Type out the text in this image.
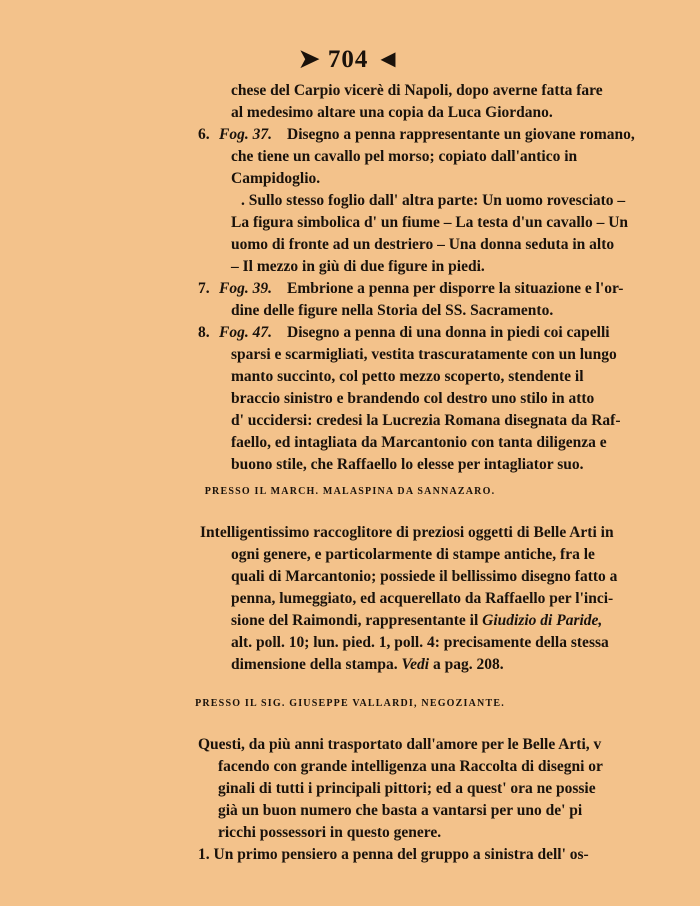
➤ 704 ◄
chese del Carpio vicerè di Napoli, dopo averne fatta fare
al medesimo altare una copia da Luca Giordano.
6. Fog. 37. Disegno a penna rappresentante un giovane romano,
che tiene un cavallo pel morso; copiato dall'antico in
Campidoglio.
. Sullo stesso foglio dall' altra parte: Un uomo rovesciato –
La figura simbolica d' un fiume – La testa d'un cavallo – Un
uomo di fronte ad un destriero – Una donna seduta in alto
– Il mezzo in giù di due figure in piedi.
7. Fog. 39. Embrione a penna per disporre la situazione e l'or-
dine delle figure nella Storia del SS. Sacramento.
8. Fog. 47. Disegno a penna di una donna in piedi coi capelli
sparsi e scarmigliati, vestita trascuratamente con un lungo
manto succinto, col petto mezzo scoperto, stendente il
braccio sinistro e brandendo col destro uno stilo in atto
d' uccidersi: credesi la Lucrezia Romana disegnata da Raf-
faello, ed intagliata da Marcantonio con tanta diligenza e
buono stile, che Raffaello lo elesse per intagliator suo.
PRESSO IL MARCH. MALASPINA DA SANNAZARO.
Intelligentissimo raccoglitore di preziosi oggetti di Belle Arti in
ogni genere, e particolarmente di stampe antiche, fra le
quali di Marcantonio; possiede il bellissimo disegno fatto a
penna, lumeggiato, ed acquerellato da Raffaello per l'inci-
sione del Raimondi, rappresentante il Giudizio di Paride,
alt. poll. 10; lun. pied. 1, poll. 4: precisamente della stessa
dimensione della stampa. Vedi a pag. 208.
PRESSO IL SIG. GIUSEPPE VALLARDI, NEGOZIANTE.
Questi, da più anni trasportato dall'amore per le Belle Arti, v
facendo con grande intelligenza una Raccolta di disegni or
ginali di tutti i principali pittori; ed a quest' ora ne possie
già un buon numero che basta a vantarsi per uno de' pi
ricchi possessori in questo genere.
1. Un primo pensiero a penna del gruppo a sinistra dell' os-
